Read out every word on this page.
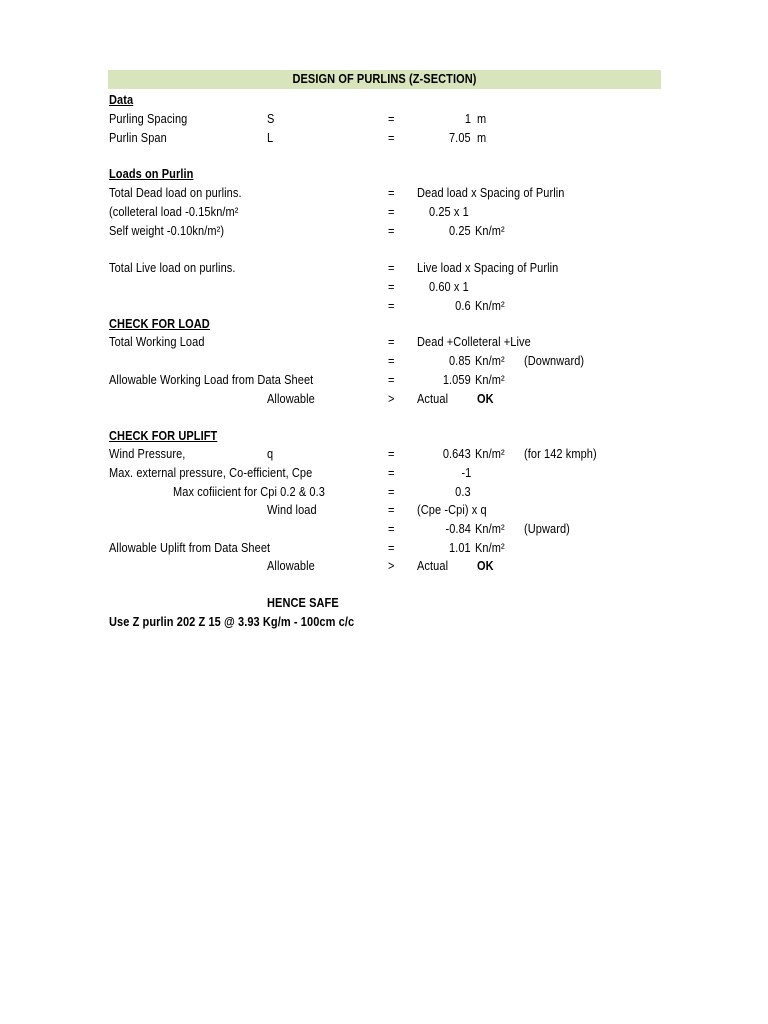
DESIGN OF PURLINS (Z-SECTION)
Data
Purling Spacing	S	=	1 m
Purlin Span	L	=	7.05 m
Loads on Purlin
Total Dead load on purlins.	= Dead load x Spacing of Purlin
(colleteral load -0.15kn/m²	=	0.25 x 1
Self weight -0.10kn/m²)	=	0.25 Kn/m²
Total Live load on purlins.	= Live load x Spacing of Purlin
=	0.60 x 1
=	0.6 Kn/m²
CHECK FOR LOAD
Total Working Load	= Dead +Colleteral +Live
=	0.85 Kn/m² (Downward)
Allowable Working Load from Data Sheet	=	1.059 Kn/m²
Allowable	> Actual OK
CHECK FOR UPLIFT
Wind Pressure,	q	=	0.643 Kn/m² (for 142 kmph)
Max. external pressure, Co-efficient, Cpe	=	-1
Max cofiicient for Cpi 0.2 & 0.3	=	0.3
Wind load	= (Cpe -Cpi) x q
=	-0.84 Kn/m² (Upward)
Allowable Uplift from Data Sheet	=	1.01 Kn/m²
Allowable	> Actual OK
HENCE SAFE
Use Z purlin 202 Z 15 @ 3.93 Kg/m - 100cm c/c
